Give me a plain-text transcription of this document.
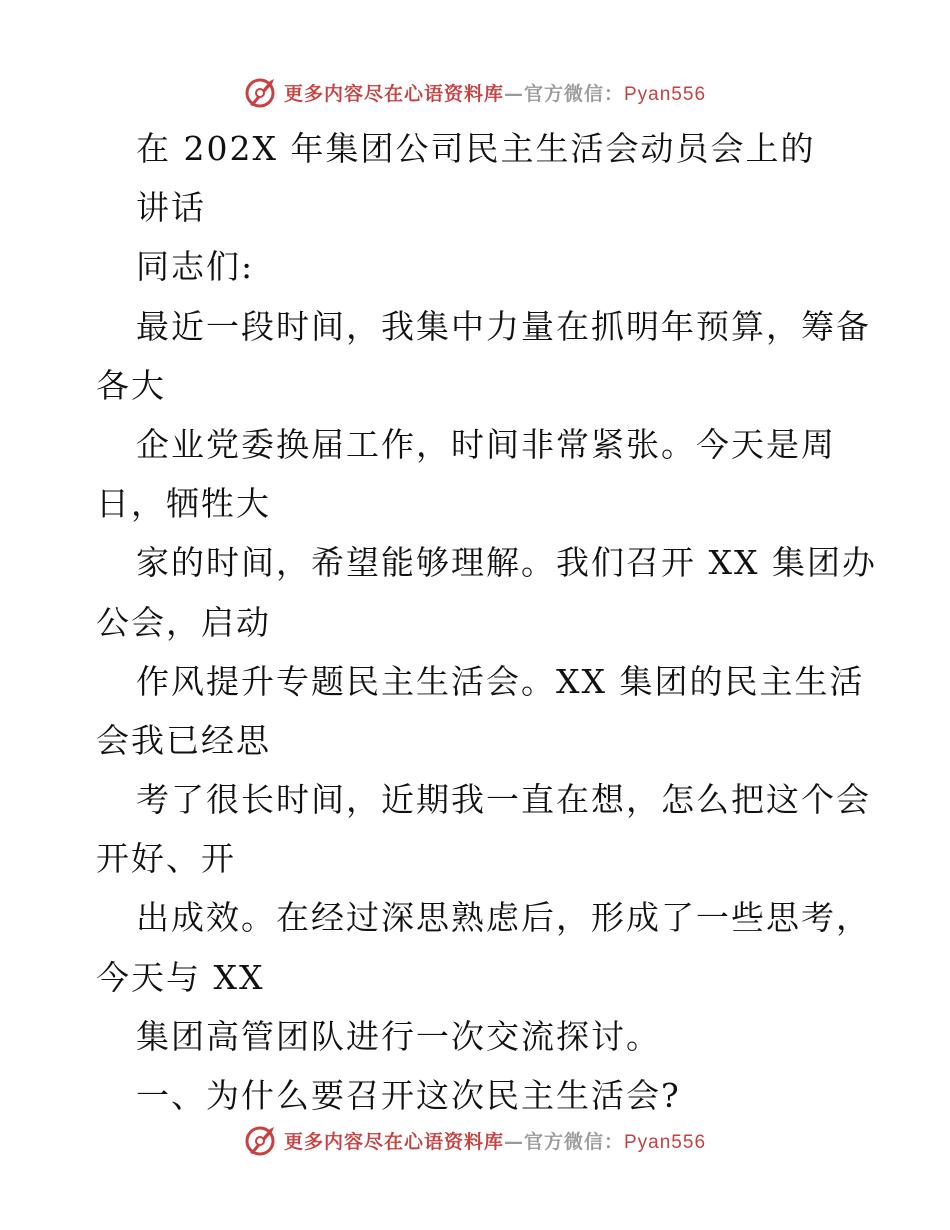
更多内容尽在心语资料库—官方微信：Pyan556
在 202X 年集团公司民主生活会动员会上的
讲话
同志们:
最近一段时间，我集中力量在抓明年预算，筹备
各大
企业党委换届工作，时间非常紧张。今天是周
日，牺牲大
家的时间，希望能够理解。我们召开 XX 集团办
公会，启动
作风提升专题民主生活会。XX 集团的民主生活
会我已经思
考了很长时间，近期我一直在想，怎么把这个会
开好、开
出成效。在经过深思熟虑后，形成了一些思考，
今天与 XX
集团高管团队进行一次交流探讨。
一、为什么要召开这次民主生活会?
更多内容尽在心语资料库—官方微信：Pyan556
